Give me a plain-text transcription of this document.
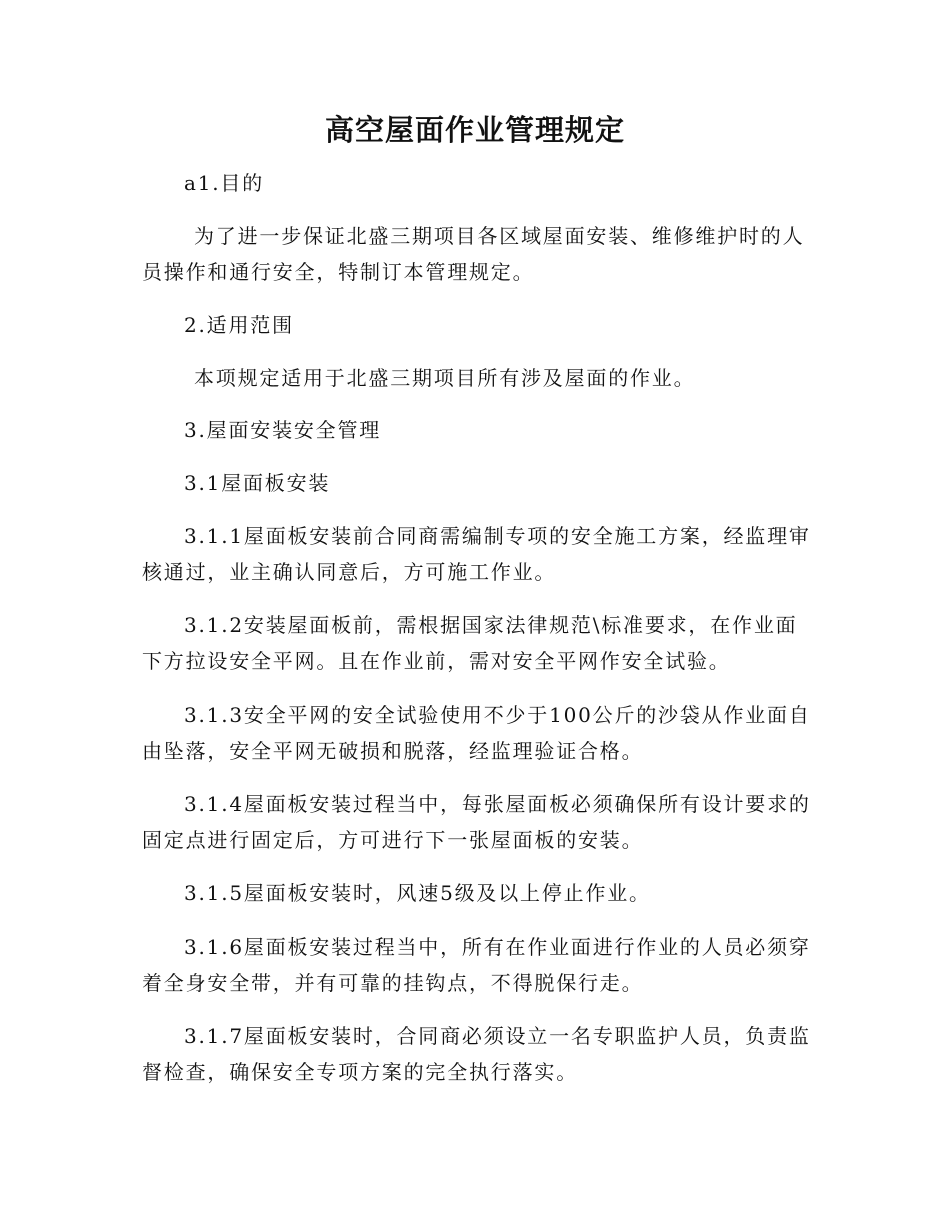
高空屋面作业管理规定
a1.目的
为了进一步保证北盛三期项目各区域屋面安装、维修维护时的人员操作和通行安全，特制订本管理规定。
2.适用范围
本项规定适用于北盛三期项目所有涉及屋面的作业。
3.屋面安装安全管理
3.1屋面板安装
3.1.1屋面板安装前合同商需编制专项的安全施工方案，经监理审核通过，业主确认同意后，方可施工作业。
3.1.2安装屋面板前，需根据国家法律规范\标准要求，在作业面下方拉设安全平网。且在作业前，需对安全平网作安全试验。
3.1.3安全平网的安全试验使用不少于100公斤的沙袋从作业面自由坠落，安全平网无破损和脱落，经监理验证合格。
3.1.4屋面板安装过程当中，每张屋面板必须确保所有设计要求的固定点进行固定后，方可进行下一张屋面板的安装。
3.1.5屋面板安装时，风速5级及以上停止作业。
3.1.6屋面板安装过程当中，所有在作业面进行作业的人员必须穿着全身安全带，并有可靠的挂钩点，不得脱保行走。
3.1.7屋面板安装时，合同商必须设立一名专职监护人员，负责监督检查，确保安全专项方案的完全执行落实。
